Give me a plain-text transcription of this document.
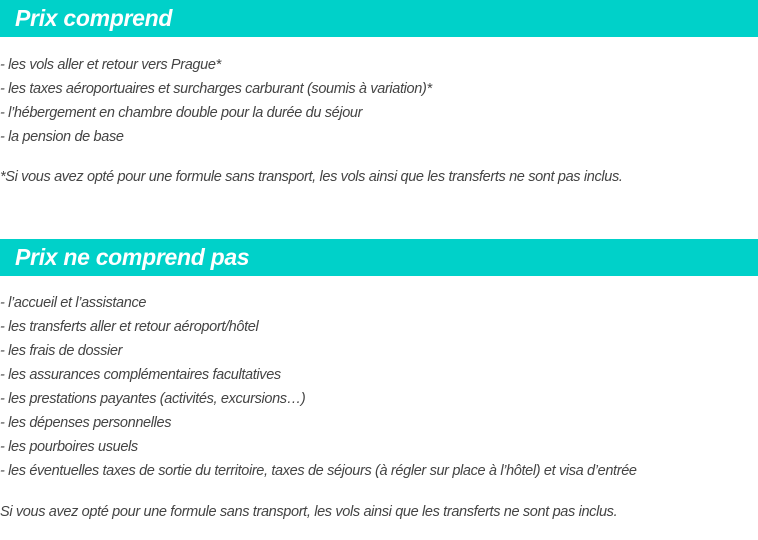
Prix comprend
- les vols aller et retour vers Prague*
- les taxes aéroportuaires et surcharges carburant (soumis à variation)*
- l’hébergement en chambre double pour la durée du séjour
- la pension de base

*Si vous avez opté pour une formule sans transport, les vols ainsi que les transferts ne sont pas inclus.

Prix ne comprend pas
- l’accueil et l’assistance
- les transferts aller et retour aéroport/hôtel
- les frais de dossier
- les assurances complémentaires facultatives
- les prestations payantes (activités, excursions…)
- les dépenses personnelles
- les pourboires usuels
- les éventuelles taxes de sortie du territoire, taxes de séjours (à régler sur place à l’hôtel) et visa d’entrée

Si vous avez opté pour une formule sans transport, les vols ainsi que les transferts ne sont pas inclus.
